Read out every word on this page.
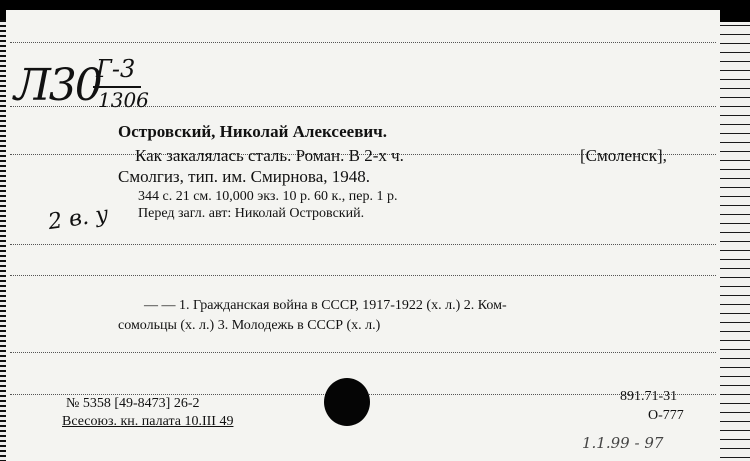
Л30
Г-3
1306
2 в. у
Островский, Николай Алексеевич.
Как закалялась сталь. Роман. В 2-х ч.	[Смоленск],
Смолгиз, тип. им. Смирнова, 1948.
344 с. 21 см. 10,000 экз. 10 р. 60 к., пер. 1 р.
Перед загл. авт: Николай Островский.
— — 1. Гражданская война в СССР, 1917-1922 (х. л.) 2. Ком-
сомольцы (х. л.) 3. Молодежь в СССР (х. л.)
№ 5358 [49-8473] 26-2
Всесоюз. кн. палата 10.III 49
891.71-31
О-777
1.1.99 - 97
